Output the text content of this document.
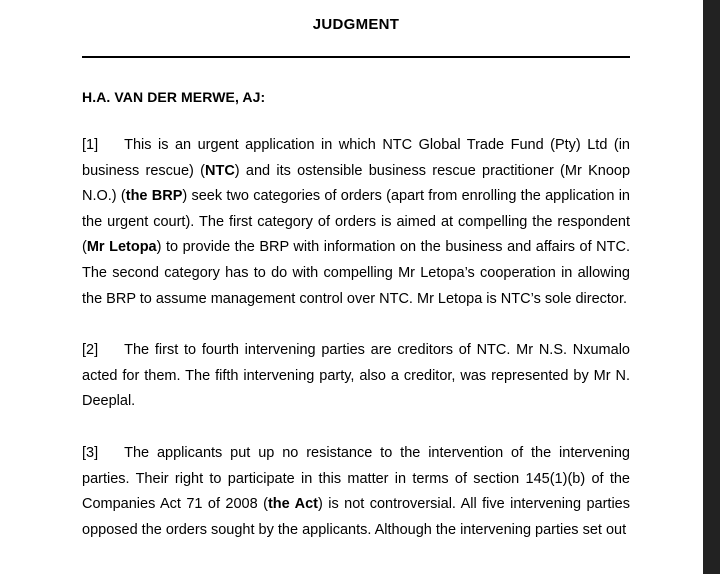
JUDGMENT
H.A. VAN DER MERWE, AJ:
[1] This is an urgent application in which NTC Global Trade Fund (Pty) Ltd (in business rescue) (NTC) and its ostensible business rescue practitioner (Mr Knoop N.O.) (the BRP) seek two categories of orders (apart from enrolling the application in the urgent court). The first category of orders is aimed at compelling the respondent (Mr Letopa) to provide the BRP with information on the business and affairs of NTC. The second category has to do with compelling Mr Letopa’s cooperation in allowing the BRP to assume management control over NTC. Mr Letopa is NTC’s sole director.
[2] The first to fourth intervening parties are creditors of NTC. Mr N.S. Nxumalo acted for them. The fifth intervening party, also a creditor, was represented by Mr N. Deeplal.
[3] The applicants put up no resistance to the intervention of the intervening parties. Their right to participate in this matter in terms of section 145(1)(b) of the Companies Act 71 of 2008 (the Act) is not controversial. All five intervening parties opposed the orders sought by the applicants. Although the intervening parties set out
